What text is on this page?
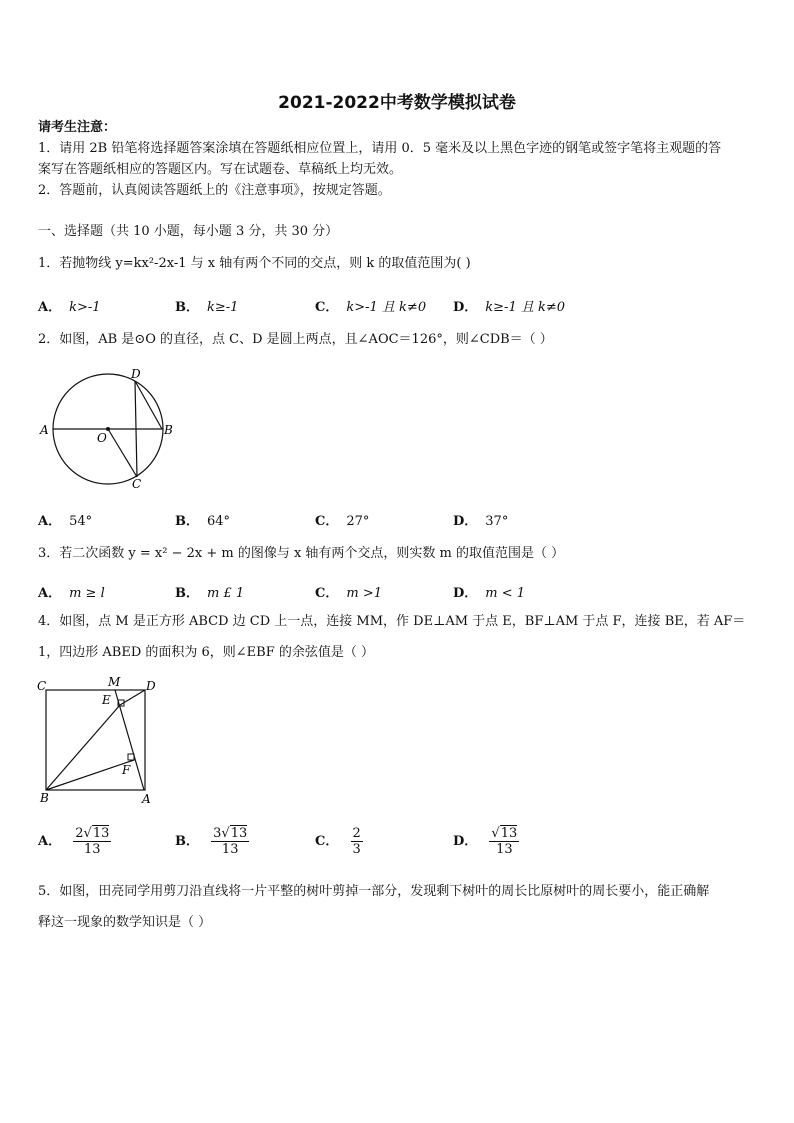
2021-2022中考数学模拟试卷
请考生注意：
1．请用 2B 铅笔将选择题答案涂填在答题纸相应位置上，请用 0．5 毫米及以上黑色字迹的钢笔或签字笔将主观题的答
案写在答题纸相应的答题区内。写在试题卷、草稿纸上均无效。
2．答题前，认真阅读答题纸上的《注意事项》，按规定答题。
一、选择题（共 10 小题，每小题 3 分，共 30 分）
1．若抛物线 y=kx²-2x-1 与 x 轴有两个不同的交点，则 k 的取值范围为( )
A． k>-1	B． k≥-1	C． k>-1 且 k≠0 D． k≥-1 且 k≠0
2．如图，AB 是⊙O 的直径，点 C、D 是圆上两点，且∠AOC＝126°，则∠CDB＝（ ）
A	B
C
D
O
A． 54°	B． 64°	C． 27°	D． 37°
3．若二次函数 y = x² − 2x + m 的图像与 x 轴有两个交点，则实数 m 的取值范围是（ ）
A． m ≥ l	B． m £ 1	C． m >1	D． m < 1
4．如图，点 M 是正方形 ABCD 边 CD 上一点，连接 MM，作 DE⊥AM 于点 E，BF⊥AM 于点 F，连接 BE，若 AF＝
1，四边形 ABED 的面积为 6，则∠EBF 的余弦值是（ ）
C	D
M
E
F
B	A
A． $\frac{2√13}{13}$	B． $\frac{3√13}{13}$	C． $\frac{2}{3}$	D． $\frac{√13}{13}$
5．如图，田亮同学用剪刀沿直线将一片平整的树叶剪掉一部分，发现剩下树叶的周长比原树叶的周长要小，能正确解
释这一现象的数学知识是（ ）
